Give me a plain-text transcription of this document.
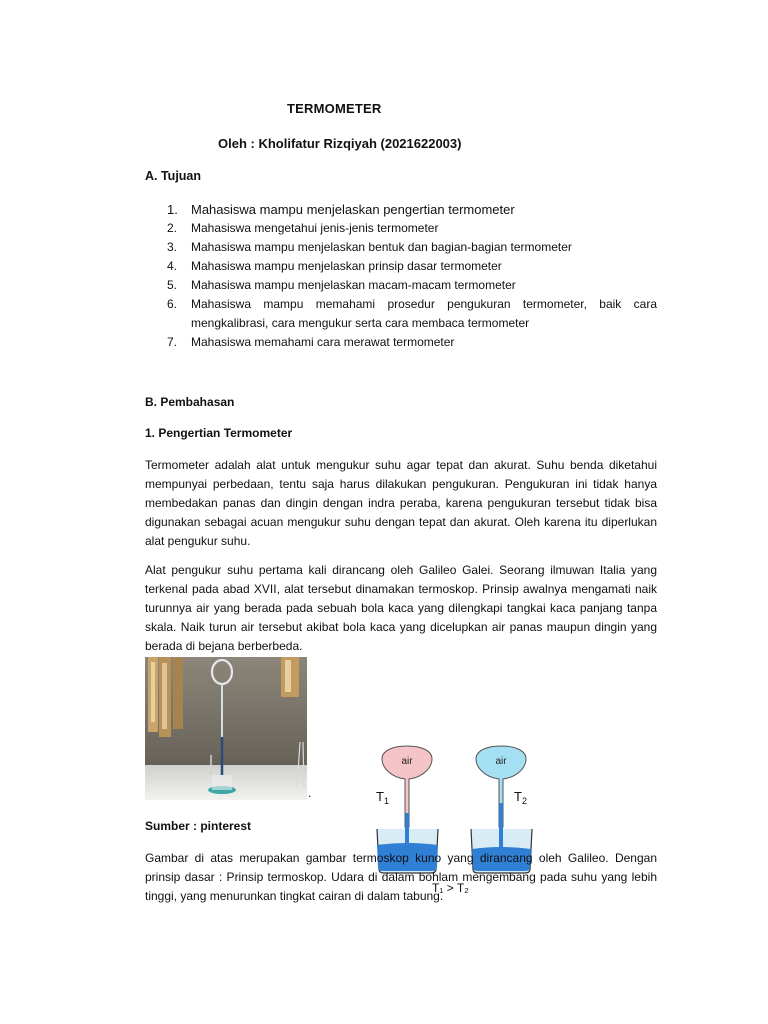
TERMOMETER
Oleh : Kholifatur Rizqiyah (2021622003)
A. Tujuan
1. Mahasiswa mampu menjelaskan pengertian termometer
2. Mahasiswa mengetahui jenis-jenis termometer
3. Mahasiswa mampu menjelaskan bentuk dan bagian-bagian termometer
4. Mahasiswa mampu menjelaskan prinsip dasar termometer
5. Mahasiswa mampu menjelaskan macam-macam termometer
6. Mahasiswa mampu memahami prosedur pengukuran termometer, baik cara mengkalibrasi, cara mengukur serta cara membaca termometer
7. Mahasiswa memahami cara merawat termometer
B. Pembahasan
1. Pengertian Termometer

Termometer adalah alat untuk mengukur suhu agar tepat dan akurat. Suhu benda diketahui mempunyai perbedaan, tentu saja harus dilakukan pengukuran. Pengukuran ini tidak hanya membedakan panas dan dingin dengan indra peraba, karena pengukuran tersebut tidak bisa digunakan sebagai acuan mengukur suhu dengan tepat dan akurat. Oleh karena itu diperlukan alat pengukur suhu.

Alat pengukur suhu pertama kali dirancang oleh Galileo Galei. Seorang ilmuwan Italia yang terkenal pada abad XVII, alat tersebut dinamakan termoskop. Prinsip awalnya mengamati naik turunnya air yang berada pada sebuah bola kaca yang dilengkapi tangkai kaca panjang tanpa skala. Naik turun air tersebut akibat bola kaca yang dicelupkan air panas maupun dingin yang berada di bejana berberbeda.

.
air	air
$T_1$	$T_2$
T₁ > T₂
Sumber : pinterest

Gambar di atas merupakan gambar termoskop kuno yang dirancang oleh Galileo. Dengan prinsip dasar : Prinsip termoskop. Udara di dalam bohlam mengembang pada suhu yang lebih tinggi, yang menurunkan tingkat cairan di dalam tabung.
